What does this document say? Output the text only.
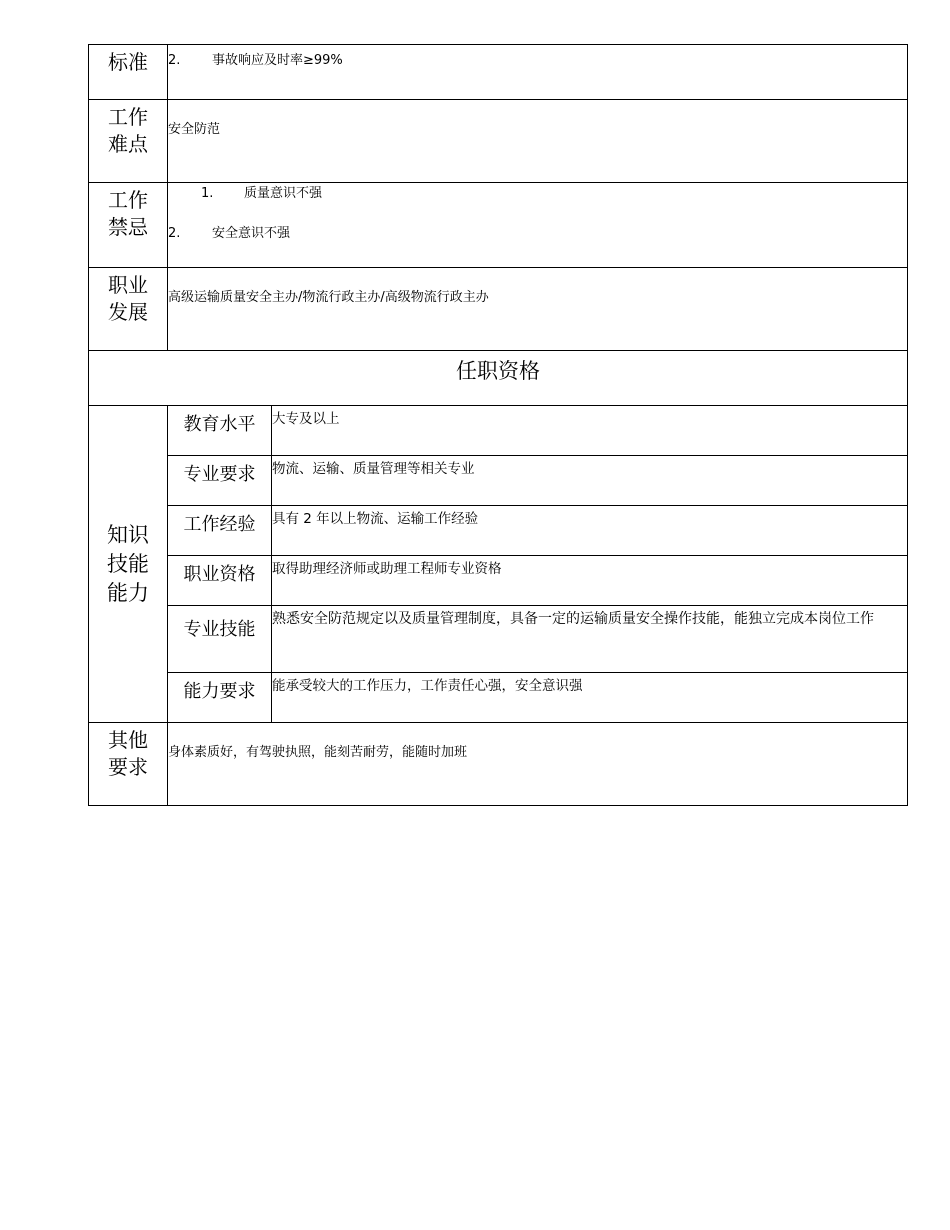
标准	2. 事故响应及时率≥99%	

工作
难点	安全防范	

工作
禁忌	1. 质量意识不强
2. 安全意识不强	

职业
发展	高级运输质量安全主办/物流行政主办/高级物流行政主办	
任职资格		

知识
技能
能力	教育水平	大专及以上
	专业要求	物流、运输、质量管理等相关专业
	工作经验	具有 2 年以上物流、运输工作经验
	职业资格	取得助理经济师或助理工程师专业资格
	专业技能	熟悉安全防范规定以及质量管理制度，具备一定的运输质量安全操作技能，能独立完成本岗位工作
	能力要求	能承受较大的工作压力，工作责任心强，安全意识强

其他
要求	身体素质好，有驾驶执照，能刻苦耐劳，能随时加班	
